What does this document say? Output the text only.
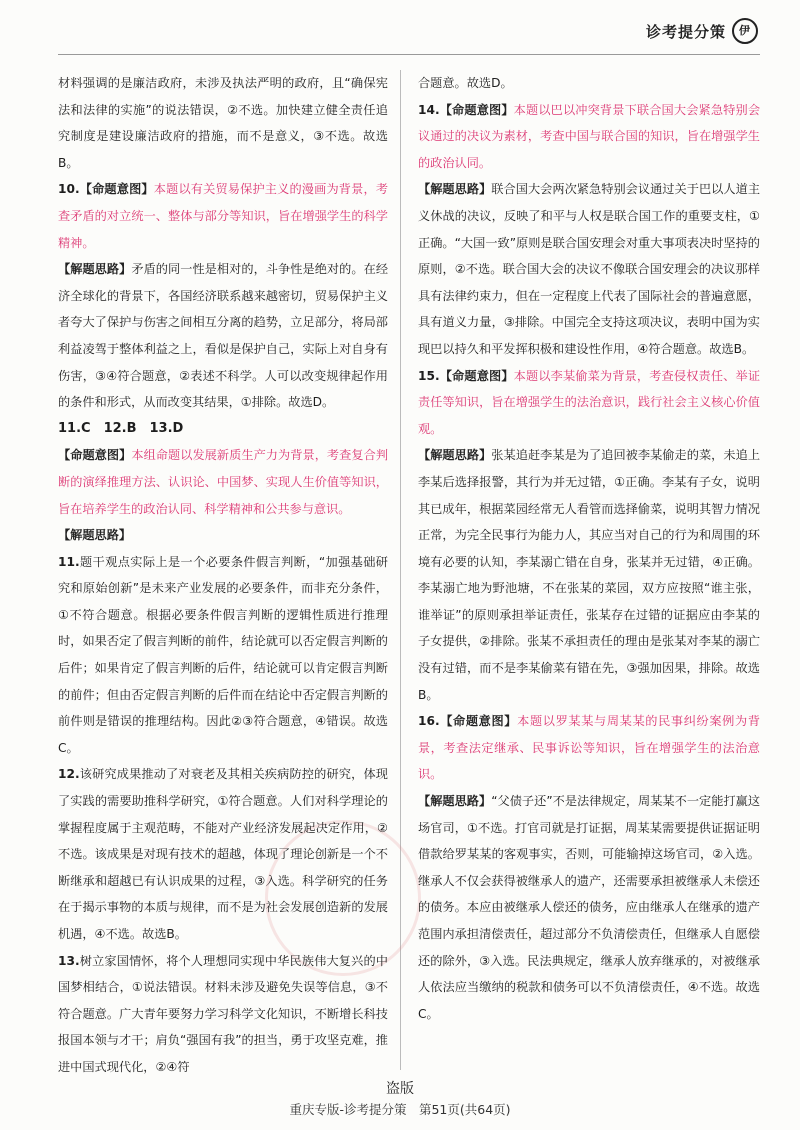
诊考提分策	伊

材料强调的是廉洁政府，未涉及执法严明的政府，且“确保宪法和法律的实施”的说法错误，②不选。加快建立健全责任追究制度是建设廉洁政府的措施，而不是意义，③不选。故选B。

10.【命题意图】本题以有关贸易保护主义的漫画为背景，考查矛盾的对立统一、整体与部分等知识，旨在增强学生的科学精神。

【解题思路】矛盾的同一性是相对的，斗争性是绝对的。在经济全球化的背景下，各国经济联系越来越密切，贸易保护主义者夸大了保护与伤害之间相互分离的趋势，立足部分，将局部利益凌驾于整体利益之上，看似是保护自己，实际上对自身有伤害，③④符合题意，②表述不科学。人可以改变规律起作用的条件和形式，从而改变其结果，①排除。故选D。

11.C　12.B　13.D

【命题意图】本组命题以发展新质生产力为背景，考查复合判断的演绎推理方法、认识论、中国梦、实现人生价值等知识，旨在培养学生的政治认同、科学精神和公共参与意识。

【解题思路】

11.题干观点实际上是一个必要条件假言判断，“加强基础研究和原始创新”是未来产业发展的必要条件，而非充分条件，①不符合题意。根据必要条件假言判断的逻辑性质进行推理时，如果否定了假言判断的前件，结论就可以否定假言判断的后件；如果肯定了假言判断的后件，结论就可以肯定假言判断的前件；但由否定假言判断的后件而在结论中否定假言判断的前件则是错误的推理结构。因此②③符合题意，④错误。故选C。

12.该研究成果推动了对衰老及其相关疾病防控的研究，体现了实践的需要助推科学研究，①符合题意。人们对科学理论的掌握程度属于主观范畴，不能对产业经济发展起决定作用，②不选。该成果是对现有技术的超越，体现了理论创新是一个不断继承和超越已有认识成果的过程，③入选。科学研究的任务在于揭示事物的本质与规律，而不是为社会发展创造新的发展机遇，④不选。故选B。

13.树立家国情怀，将个人理想同实现中华民族伟大复兴的中国梦相结合，①说法错误。材料未涉及避免失误等信息，③不符合题意。广大青年要努力学习科学文化知识，不断增长科技报国本领与才干；肩负“强国有我”的担当，勇于攻坚克难，推进中国式现代化，②④符

合题意。故选D。

14.【命题意图】本题以巴以冲突背景下联合国大会紧急特别会议通过的决议为素材，考查中国与联合国的知识，旨在增强学生的政治认同。

【解题思路】联合国大会两次紧急特别会议通过关于巴以人道主义休战的决议，反映了和平与人权是联合国工作的重要支柱，①正确。“大国一致”原则是联合国安理会对重大事项表决时坚持的原则，②不选。联合国大会的决议不像联合国安理会的决议那样具有法律约束力，但在一定程度上代表了国际社会的普遍意愿，具有道义力量，③排除。中国完全支持这项决议，表明中国为实现巴以持久和平发挥积极和建设性作用，④符合题意。故选B。

15.【命题意图】本题以李某偷菜为背景，考查侵权责任、举证责任等知识，旨在增强学生的法治意识，践行社会主义核心价值观。

【解题思路】张某追赶李某是为了追回被李某偷走的菜，未追上李某后选择报警，其行为并无过错，①正确。李某有子女，说明其已成年，根据菜园经常无人看管而选择偷菜，说明其智力情况正常，为完全民事行为能力人，其应当对自己的行为和周围的环境有必要的认知，李某溺亡错在自身，张某并无过错，④正确。李某溺亡地为野池塘，不在张某的菜园，双方应按照“谁主张，谁举证”的原则承担举证责任，张某存在过错的证据应由李某的子女提供，②排除。张某不承担责任的理由是张某对李某的溺亡没有过错，而不是李某偷菜有错在先，③强加因果，排除。故选B。

16.【命题意图】本题以罗某某与周某某的民事纠纷案例为背景，考查法定继承、民事诉讼等知识，旨在增强学生的法治意识。

【解题思路】“父债子还”不是法律规定，周某某不一定能打赢这场官司，①不选。打官司就是打证据，周某某需要提供证据证明借款给罗某某的客观事实，否则，可能输掉这场官司，②入选。继承人不仅会获得被继承人的遗产，还需要承担被继承人未偿还的债务。本应由被继承人偿还的债务，应由继承人在继承的遗产范围内承担清偿责任，超过部分不负清偿责任，但继承人自愿偿还的除外，③入选。民法典规定，继承人放弃继承的，对被继承人依法应当缴纳的税款和债务可以不负清偿责任，④不选。故选C。

盗版
重庆专版-诊考提分策　第51页(共64页)
